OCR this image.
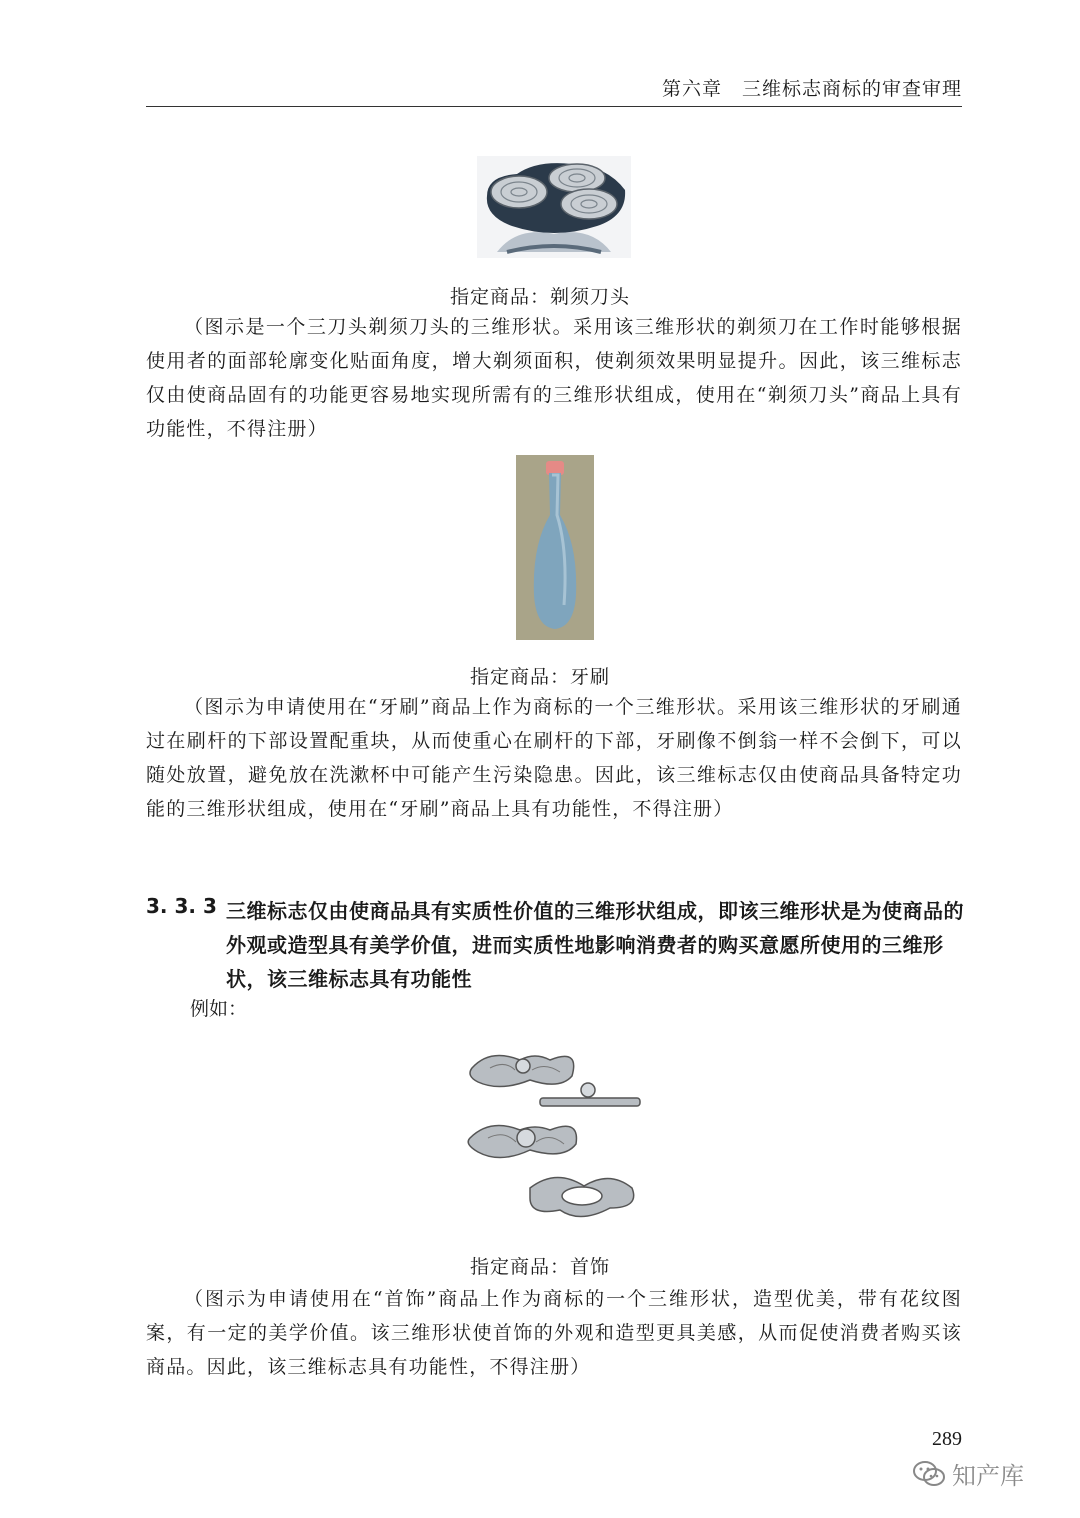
第六章　三维标志商标的审查审理
指定商品：剃须刀头

（图示是一个三刀头剃须刀头的三维形状。采用该三维形状的剃须刀在工作时能够根据使用者的面部轮廓变化贴面角度，增大剃须面积，使剃须效果明显提升。因此，该三维标志仅由使商品固有的功能更容易地实现所需有的三维形状组成，使用在“剃须刀头”商品上具有功能性，不得注册）

指定商品：牙刷

（图示为申请使用在“牙刷”商品上作为商标的一个三维形状。采用该三维形状的牙刷通过在刷杆的下部设置配重块，从而使重心在刷杆的下部，牙刷像不倒翁一样不会倒下，可以随处放置，避免放在洗漱杯中可能产生污染隐患。因此，该三维标志仅由使商品具备特定功能的三维形状组成，使用在“牙刷”商品上具有功能性，不得注册）

3. 3. 3 三维标志仅由使商品具有实质性价值的三维形状组成，即该三维形状是为使商品的外观或造型具有美学价值，进而实质性地影响消费者的购买意愿所使用的三维形状，该三维标志具有功能性

例如：
指定商品：首饰

（图示为申请使用在“首饰”商品上作为商标的一个三维形状，造型优美，带有花纹图案，有一定的美学价值。该三维形状使首饰的外观和造型更具美感，从而促使消费者购买该商品。因此，该三维标志具有功能性，不得注册）

289
知产库
